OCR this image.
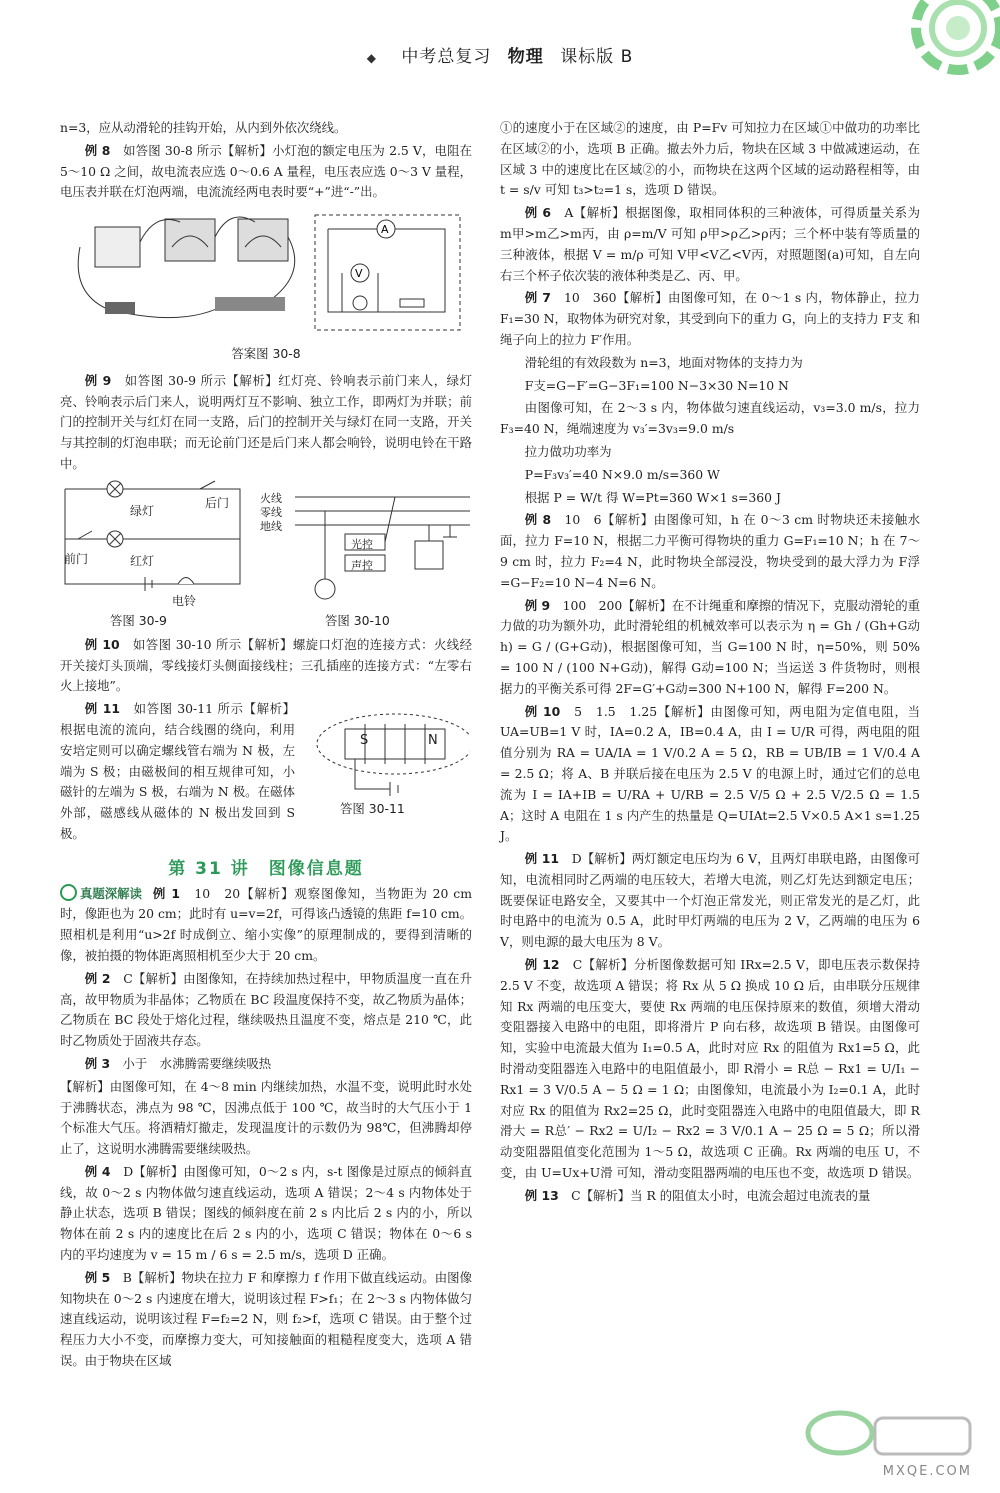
◆ 中考总复习 物理 课标版 B

n=3，应从动滑轮的挂钩开始，从内到外依次绕线。

例 8　 如答图 30-8 所示【解析】小灯泡的额定电压为 2.5 V，电阻在 5～10 Ω 之间，故电流表应选 0～0.6 A 量程，电压表应选 0～3 V 量程，电压表并联在灯泡两端，电流流经两电表时要“+”进“-”出。

A
V
答案图 30-8

例 9　 如答图 30-9 所示【解析】红灯亮、铃响表示前门来人，绿灯亮、铃响表示后门来人，说明两灯互不影响、独立工作，即两灯为并联；前门的控制开关与红灯在同一支路，后门的控制开关与绿灯在同一支路，开关与其控制的灯泡串联；而无论前门还是后门来人都会响铃，说明电铃在干路中。

绿灯
后门
前门	红灯
电铃
答图 30-9
火线
零线
地线
光控
声控
答图 30-10

例 10　 如答图 30-10 所示【解析】螺旋口灯泡的连接方式：火线经开关接灯头顶端，零线接灯头侧面接线柱；三孔插座的连接方式：“左零右火上接地”。

例 11　 如答图 30-11 所示【解析】根据电流的流向，结合线圈的绕向，利用安培定则可以确定螺线管右端为 N 极，左端为 S 极；由磁极间的相互规律可知，小磁针的左端为 S 极，右端为 N 极。在磁体外部，磁感线从磁体的 N 极出发回到 S 极。

S	N
答图 30-11
第 31 讲　图像信息题

真题深解读 例 1　 10　20【解析】观察图像知，当物距为 20 cm 时，像距也为 20 cm；此时有 u=v=2f，可得该凸透镜的焦距 f=10 cm。照相机是利用“u>2f 时成倒立、缩小实像”的原理制成的，要得到清晰的像，被拍摄的物体距离照相机至少大于 20 cm。

例 2　 C【解析】由图像知，在持续加热过程中，甲物质温度一直在升高，故甲物质为非晶体；乙物质在 BC 段温度保持不变，故乙物质为晶体；乙物质在 BC 段处于熔化过程，继续吸热且温度不变，熔点是 210 ℃，此时乙物质处于固液共存态。

例 3　 小于　水沸腾需要继续吸热

【解析】由图像可知，在 4～8 min 内继续加热，水温不变，说明此时水处于沸腾状态，沸点为 98 ℃，因沸点低于 100 ℃，故当时的大气压小于 1 个标准大气压。将酒精灯撤走，发现温度计的示数仍为 98℃，但沸腾却停止了，这说明水沸腾需要继续吸热。

例 4　 D【解析】由图像可知，0～2 s 内，s-t 图像是过原点的倾斜直线，故 0～2 s 内物体做匀速直线运动，选项 A 错误；2～4 s 内物体处于静止状态，选项 B 错误；图线的倾斜度在前 2 s 内比后 2 s 内的小，所以物体在前 2 s 内的速度比在后 2 s 内的小，选项 C 错误；物体在 0～6 s 内的平均速度为 v = 15 m / 6 s = 2.5 m/s，选项 D 正确。

例 5　 B【解析】物块在拉力 F 和摩擦力 f 作用下做直线运动。由图像知物块在 0～2 s 内速度在增大，说明该过程 F>f₁；在 2～3 s 内物体做匀速直线运动，说明该过程 F=f₂=2 N，则 f₂>f，选项 C 错误。由于整个过程压力大小不变，而摩擦力变大，可知接触面的粗糙程度变大，选项 A 错误。由于物块在区域

①的速度小于在区域②的速度，由 P=Fv 可知拉力在区域①中做功的功率比在区域②的小，选项 B 正确。撤去外力后，物块在区域 3 中做减速运动，在区域 3 中的速度比在区域②的小，而物块在这两个区域的运动路程相等，由 t = s/v 可知 t₃>t₂=1 s，选项 D 错误。

例 6　 A【解析】根据图像，取相同体积的三种液体，可得质量关系为 m甲>m乙>m丙，由 ρ=m/V 可知 ρ甲>ρ乙>ρ丙；三个杯中装有等质量的三种液体，根据 V = m/ρ 可知 V甲<V乙<V丙，对照题图(a)可知，自左向右三个杯子依次装的液体种类是乙、丙、甲。

例 7　 10　360【解析】由图像可知，在 0～1 s 内，物体静止，拉力 F₁=30 N，取物体为研究对象，其受到向下的重力 G，向上的支持力 F支 和绳子向上的拉力 F′作用。

滑轮组的有效段数为 n=3，地面对物体的支持力为

F支=G−F′=G−3F₁=100 N−3×30 N=10 N

由图像可知，在 2～3 s 内，物体做匀速直线运动，v₃=3.0 m/s，拉力 F₃=40 N，绳端速度为 v₃′=3v₃=9.0 m/s

拉力做功功率为

P=F₃v₃′=40 N×9.0 m/s=360 W

根据 P = W/t 得 W=Pt=360 W×1 s=360 J

例 8　 10　6【解析】由图像可知，h 在 0～3 cm 时物块还未接触水面，拉力 F=10 N，根据二力平衡可得物块的重力 G=F₁=10 N；h 在 7～9 cm 时，拉力 F₂=4 N，此时物块全部浸没，物块受到的最大浮力为 F浮=G−F₂=10 N−4 N=6 N。

例 9　 100　200【解析】在不计绳重和摩擦的情况下，克服动滑轮的重力做的功为额外功，此时滑轮组的机械效率可以表示为 η = Gh / (Gh+G动h) = G / (G+G动)，根据图像可知，当 G=100 N 时，η=50%，则 50% = 100 N / (100 N+G动)，解得 G动=100 N；当运送 3 件货物时，则根据力的平衡关系可得 2F=G′+G动=300 N+100 N，解得 F=200 N。

例 10　 5　1.5　1.25【解析】由图像可知，两电阻为定值电阻，当 UA=UB=1 V 时，IA=0.2 A，IB=0.4 A，由 I = U/R 可得，两电阻的阻值分别为 RA = UA/IA = 1 V/0.2 A = 5 Ω，RB = UB/IB = 1 V/0.4 A = 2.5 Ω；将 A、B 并联后接在电压为 2.5 V 的电源上时，通过它们的总电流为 I = IA+IB = U/RA + U/RB = 2.5 V/5 Ω + 2.5 V/2.5 Ω = 1.5 A；这时 A 电阻在 1 s 内产生的热量是 Q=UIAt=2.5 V×0.5 A×1 s=1.25 J。

例 11　 D【解析】两灯额定电压均为 6 V，且两灯串联电路，由图像可知，电流相同时乙两端的电压较大，若增大电流，则乙灯先达到额定电压；既要保证电路安全，又要其中一个灯泡正常发光，则正常发光的是乙灯，此时电路中的电流为 0.5 A，此时甲灯两端的电压为 2 V，乙两端的电压为 6 V，则电源的最大电压为 8 V。

例 12　 C【解析】分析图像数据可知 IRx=2.5 V，即电压表示数保持 2.5 V 不变，故选项 A 错误；将 Rx 从 5 Ω 换成 10 Ω 后，由串联分压规律知 Rx 两端的电压变大，要使 Rx 两端的电压保持原来的数值，须增大滑动变阻器接入电路中的电阻，即将滑片 P 向右移，故选项 B 错误。由图像可知，实验中电流最大值为 I₁=0.5 A，此时对应 Rx 的阻值为 Rx1=5 Ω，此时滑动变阻器连入电路中的电阻值最小，即 R滑小 = R总 − Rx1 = U/I₁ − Rx1 = 3 V/0.5 A − 5 Ω = 1 Ω；由图像知，电流最小为 I₂=0.1 A，此时对应 Rx 的阻值为 Rx2=25 Ω，此时变阻器连入电路中的电阻值最大，即 R滑大 = R总′ − Rx2 = U/I₂ − Rx2 = 3 V/0.1 A − 25 Ω = 5 Ω；所以滑动变阻器阻值变化范围为 1～5 Ω，故选项 C 正确。Rx 两端的电压 U，不变，由 U=Ux+U滑 可知，滑动变阻器两端的电压也不变，故选项 D 错误。

例 13　 C【解析】当 R 的阻值太小时，电流会超过电流表的量

MXQE.COM
